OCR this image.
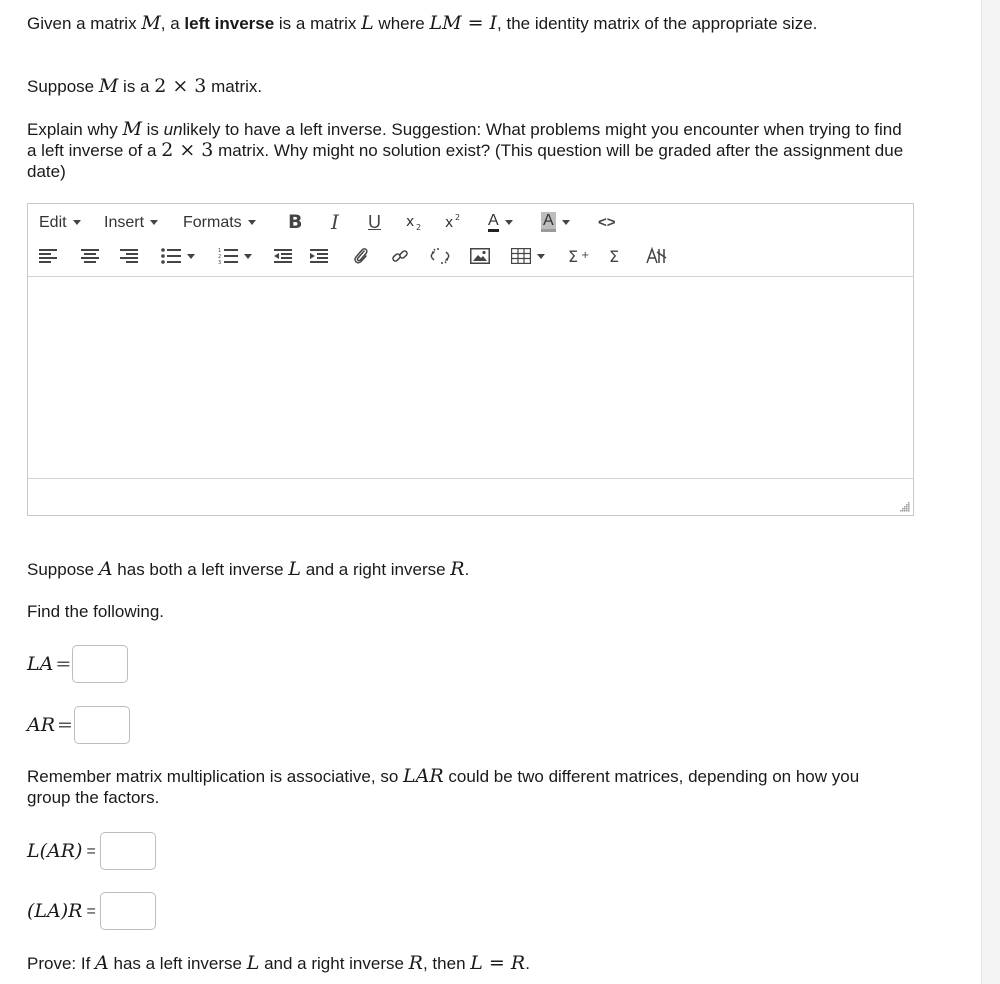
Given a matrix M, a left inverse is a matrix L where LM = I, the identity matrix of the appropriate size.

Suppose M is a 2 × 3 matrix.

Explain why M is unlikely to have a left inverse. Suggestion: What problems might you encounter when trying to find a left inverse of a 2 × 3 matrix. Why might no solution exist? (This question will be graded after the assignment due date)

Edit Insert Formats B I U x 2 x 2 A	A	<>
1
2
3	Σ + Σ

Suppose A has both a left inverse L and a right inverse R.

Find the following.

LA =
AR =

Remember matrix multiplication is associative, so LAR could be two different matrices, depending on how you group the factors.

L(AR) =
(LA)R =

Prove: If A has a left inverse L and a right inverse R, then L = R.
